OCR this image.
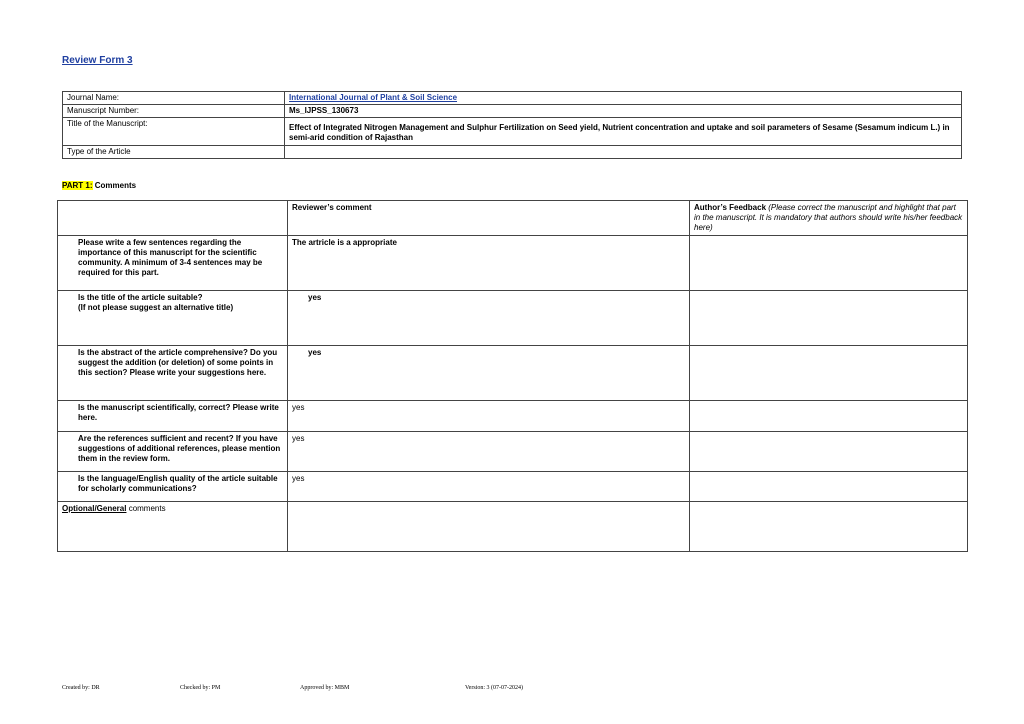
Review Form 3
Journal Name:	International Journal of Plant & Soil Science
Manuscript Number:	Ms_IJPSS_130673
Title of the Manuscript:	Effect of Integrated Nitrogen Management and Sulphur Fertilization on Seed yield, Nutrient concentration and uptake and soil parameters of Sesame (Sesamum indicum L.) in semi-arid condition of Rajasthan
Type of the Article	
PART 1: Comments
	Reviewer’s comment	Author’s Feedback (Please correct the manuscript and highlight that part in the manuscript. It is mandatory that authors should write his/her feedback here)
Please write a few sentences regarding the importance of this manuscript for the scientific community. A minimum of 3-4 sentences may be required for this part.	The artricle is a appropriate	
Is the title of the article suitable?
(If not please suggest an alternative title)	yes	
Is the abstract of the article comprehensive? Do you suggest the addition (or deletion) of some points in this section? Please write your suggestions here.	yes	
Is the manuscript scientifically, correct? Please write here.	yes	
Are the references sufficient and recent? If you have suggestions of additional references, please mention them in the review form.	yes	
Is the language/English quality of the article suitable for scholarly communications?	yes	
Optional/General comments		
Created by: DR	Checked by: PM	Approved by: MBM	Version: 3 (07-07-2024)
